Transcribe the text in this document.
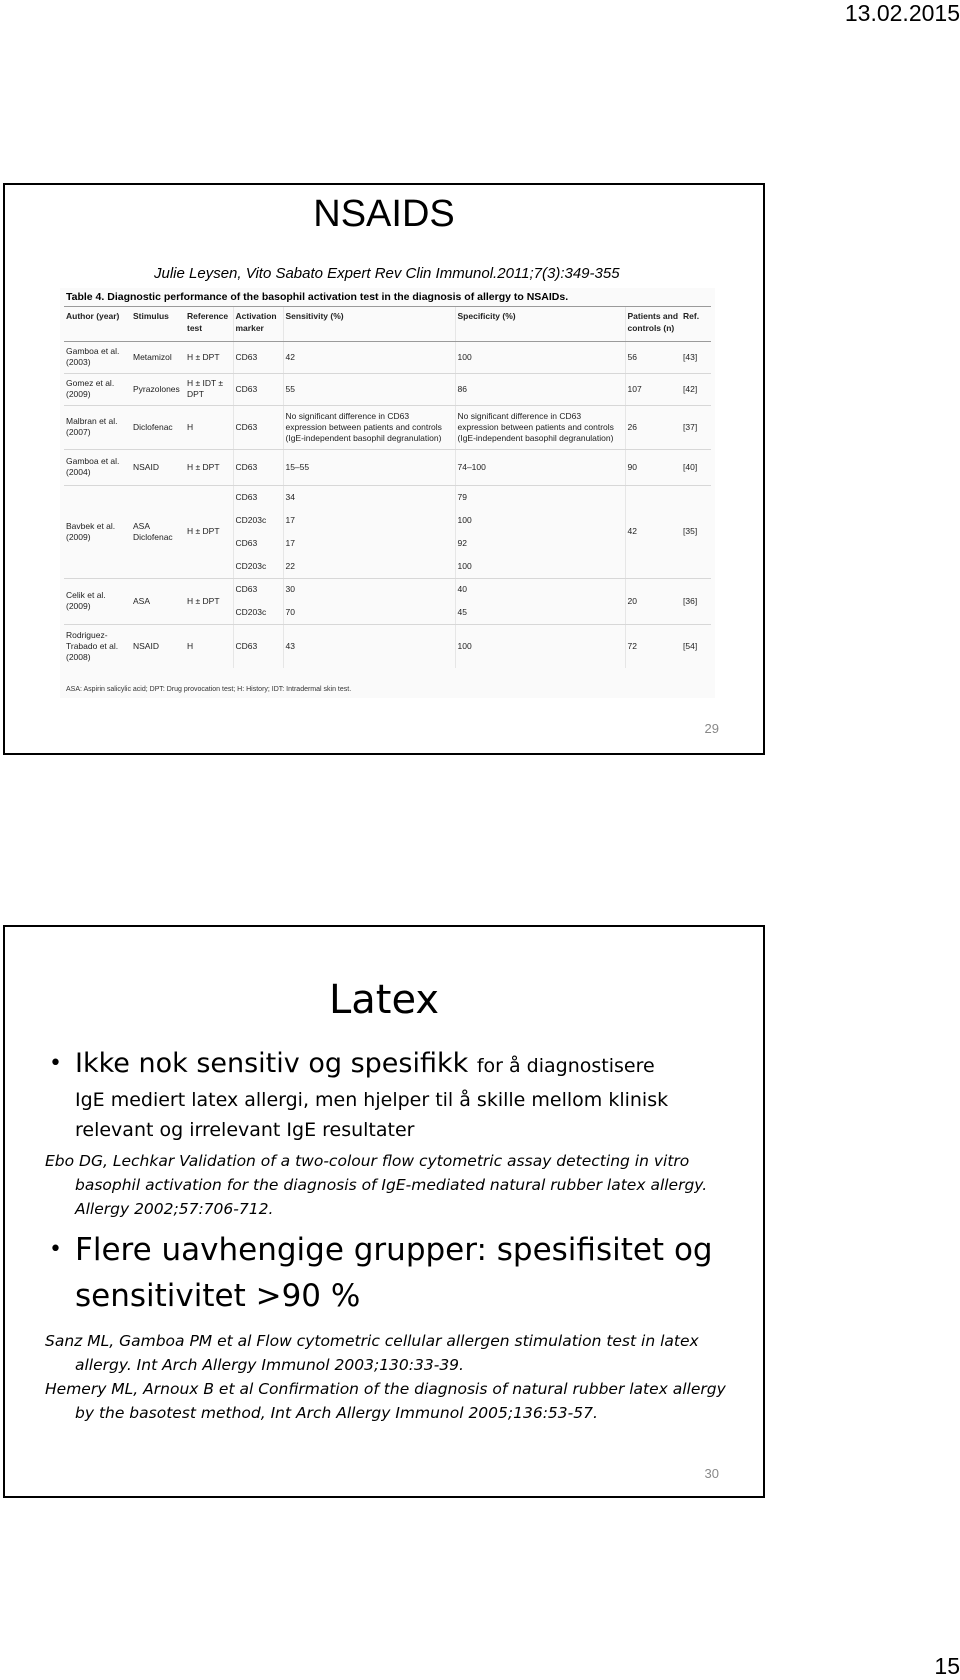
13.02.2015
NSAIDS
Julie Leysen, Vito Sabato Expert Rev Clin Immunol.2011;7(3):349-355
Table 4. Diagnostic performance of the basophil activation test in the diagnosis of allergy to NSAIDs.
Author (year)	Stimulus	Reference test	Activation marker	Sensitivity (%)	Specificity (%)	Patients and controls (n)	Ref.
Gamboa et al. (2003)	Metamizol	H ± DPT	CD63	42	100	56	[43]
Gomez et al. (2009)	Pyrazolones	H ± IDT ± DPT	CD63	55	86	107	[42]
Malbran et al. (2007)	Diclofenac	H	CD63	No significant difference in CD63 expression between patients and controls (IgE-independent basophil degranulation)	No significant difference in CD63 expression between patients and controls (IgE-independent basophil degranulation)	26	[37]
Gamboa et al. (2004)	NSAID	H ± DPT	CD63	15–55	74–100	90	[40]
Bavbek et al. (2009)	ASA Diclofenac	H ± DPT	CD63	34	79	42	[35]
			CD203c	17	100		
			CD63	17	92		
			CD203c	22	100		
Celik et al. (2009)	ASA	H ± DPT	CD63	30	40	20	[36]
			CD203c	70	45		
Rodriguez-Trabado et al. (2008)	NSAID	H	CD63	43	100	72	[54]
ASA: Aspirin salicylic acid; DPT: Drug provocation test; H: History; IDT: Intradermal skin test.
29
Latex
• Ikke nok sensitiv og spesifikk for å diagnostisere
IgE mediert latex allergi, men hjelper til å skille mellom klinisk
relevant og irrelevant IgE resultater
Ebo DG, Lechkar Validation of a two-colour flow cytometric assay detecting in vitro basophil activation for the diagnosis of IgE-mediated natural rubber latex allergy. Allergy 2002;57:706-712.
• Flere uavhengige grupper: spesifisitet og
sensitivitet >90 %
Sanz ML, Gamboa PM et al Flow cytometric cellular allergen stimulation test in latex allergy. Int Arch Allergy Immunol 2003;130:33-39.
Hemery ML, Arnoux B et al Confirmation of the diagnosis of natural rubber latex allergy by the basotest method, Int Arch Allergy Immunol 2005;136:53-57.
30
15
